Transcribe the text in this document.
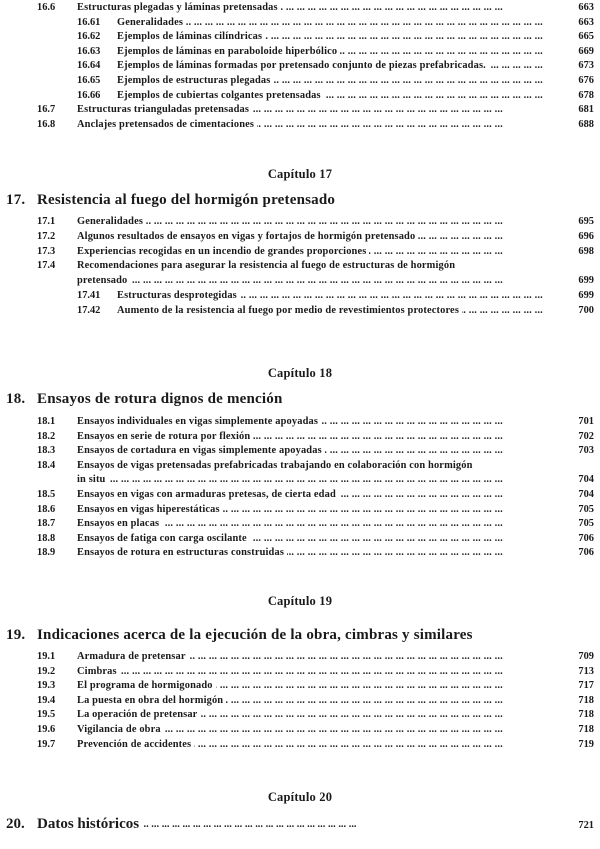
16.6 Estructuras plegadas y láminas pretensadas ... .	663
16.61 Generalidades ... .	663
16.62 Ejemplos de láminas cilíndricas ... .	665
16.63 Ejemplos de láminas en paraboloide hiperbólico ... .	669
16.64 Ejemplos de láminas formadas por pretensado conjunto de piezas prefabricadas. ... .	673
16.65 Ejemplos de estructuras plegadas ... .	676
16.66 Ejemplos de cubiertas colgantes pretensadas ... .	678
16.7 Estructuras trianguladas pretensadas ... .	681
16.8 Anclajes pretensados de cimentaciones ... .	688
Capítulo 17
17. Resistencia al fuego del hormigón pretensado
17.1 Generalidades ... .	695
17.2 Algunos resultados de ensayos en vigas y fortajos de hormigón pretensado ... .	696
17.3 Experiencias recogidas en un incendio de grandes proporciones ... .	698
17.4 Recomendaciones para asegurar la resistencia al fuego de estructuras de hormigón
pretensado ... .	699
17.41 Estructuras desprotegidas ... .	699
17.42 Aumento de la resistencia al fuego por medio de revestimientos protectores ... .	700
Capítulo 18
18. Ensayos de rotura dignos de mención
18.1 Ensayos individuales en vigas simplemente apoyadas ... .	701
18.2 Ensayos en serie de rotura por flexión ... .	702
18.3 Ensayos de cortadura en vigas simplemente apoyadas ... .	703
18.4 Ensayos de vigas pretensadas prefabricadas trabajando en colaboración con hormigón
in situ ... .	704
18.5 Ensayos en vigas con armaduras pretesas, de cierta edad ... .	704
18.6 Ensayos en vigas hiperestáticas ... .	705
18.7 Ensayos en placas ... .	705
18.8 Ensayos de fatiga con carga oscilante ... .	706
18.9 Ensayos de rotura en estructuras construidas ... .	706
Capítulo 19
19. Indicaciones acerca de la ejecución de la obra, cimbras y similares
19.1 Armadura de pretensar ... .	709
19.2 Cimbras ... .	713
19.3 El programa de hormigonado ... .	717
19.4 La puesta en obra del hormigón ... .	718
19.5 La operación de pretensar ... .	718
19.6 Vigilancia de obra ... .	718
19.7 Prevención de accidentes ... .	719
Capítulo 20
20. Datos históricos ... .	721
